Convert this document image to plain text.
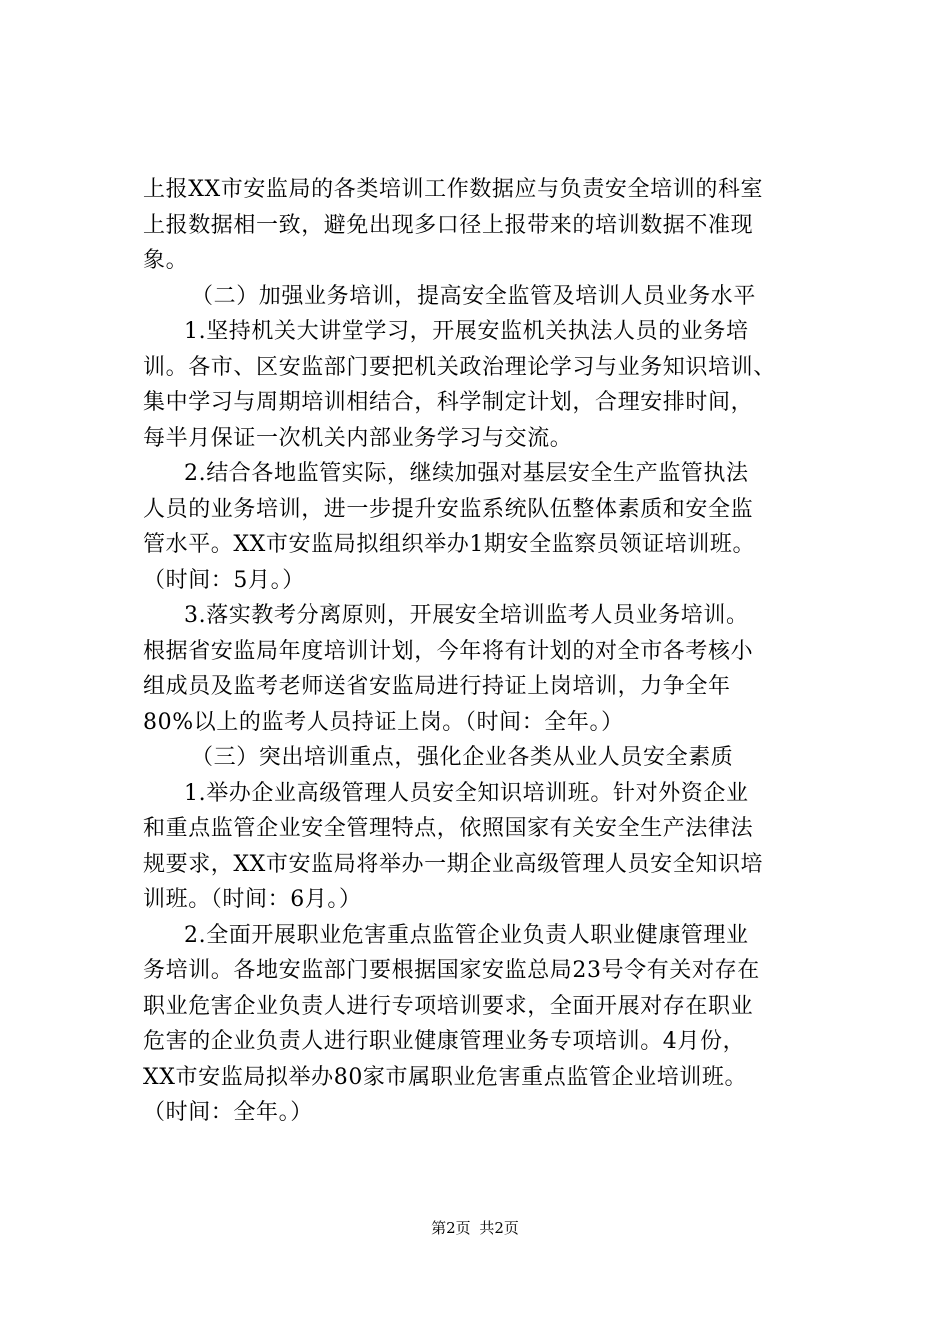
上报XX市安监局的各类培训工作数据应与负责安全培训的科室
上报数据相一致，避免出现多口径上报带来的培训数据不准现
象。
（二）加强业务培训，提高安全监管及培训人员业务水平
1.坚持机关大讲堂学习，开展安监机关执法人员的业务培
训。各市、区安监部门要把机关政治理论学习与业务知识培训、
集中学习与周期培训相结合，科学制定计划，合理安排时间，
每半月保证一次机关内部业务学习与交流。
2.结合各地监管实际，继续加强对基层安全生产监管执法
人员的业务培训，进一步提升安监系统队伍整体素质和安全监
管水平。XX市安监局拟组织举办1期安全监察员领证培训班。
（时间：5月。）
3.落实教考分离原则，开展安全培训监考人员业务培训。
根据省安监局年度培训计划，今年将有计划的对全市各考核小
组成员及监考老师送省安监局进行持证上岗培训，力争全年
80%以上的监考人员持证上岗。（时间：全年。）
（三）突出培训重点，强化企业各类从业人员安全素质
1.举办企业高级管理人员安全知识培训班。针对外资企业
和重点监管企业安全管理特点，依照国家有关安全生产法律法
规要求，XX市安监局将举办一期企业高级管理人员安全知识培
训班。（时间：6月。）
2.全面开展职业危害重点监管企业负责人职业健康管理业
务培训。各地安监部门要根据国家安监总局23号令有关对存在
职业危害企业负责人进行专项培训要求，全面开展对存在职业
危害的企业负责人进行职业健康管理业务专项培训。4月份，
XX市安监局拟举办80家市属职业危害重点监管企业培训班。
（时间：全年。）
第2页 共2页
